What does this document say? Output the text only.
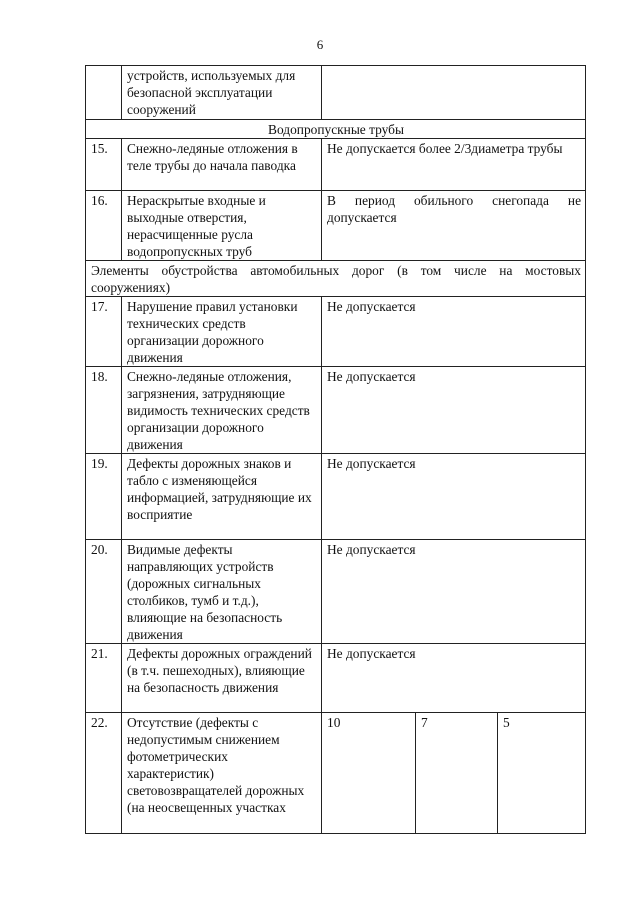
6
	устройств, используемых для безопасной эксплуатации сооружений			
Водопропускные трубы				
15.	Снежно-ледяные отложения в теле трубы до начала паводка	Не допускается более 2/3диаметра трубы		
16.	Нераскрытые входные и выходные отверстия, нерасчищенные русла водопропускных труб	В период обильного снегопада не допускается		
Элементы обустройства автомобильных дорог (в том числе на мостовых сооружениях)				
17.	Нарушение правил установки технических средств организации дорожного движения	Не допускается		
18.	Снежно-ледяные отложения, загрязнения, затрудняющие видимость технических средств организации дорожного движения	Не допускается		
19.	Дефекты дорожных знаков и табло с изменяющейся информацией, затрудняющие их восприятие	Не допускается		
20.	Видимые дефекты направляющих устройств (дорожных сигнальных столбиков, тумб и т.д.), влияющие на безопасность движения	Не допускается		
21.	Дефекты дорожных ограждений (в т.ч. пешеходных), влияющие на безопасность движения	Не допускается		
22.	Отсутствие (дефекты с недопустимым снижением фотометрических характеристик) световозвращателей дорожных (на неосвещенных участках	10	7	5
